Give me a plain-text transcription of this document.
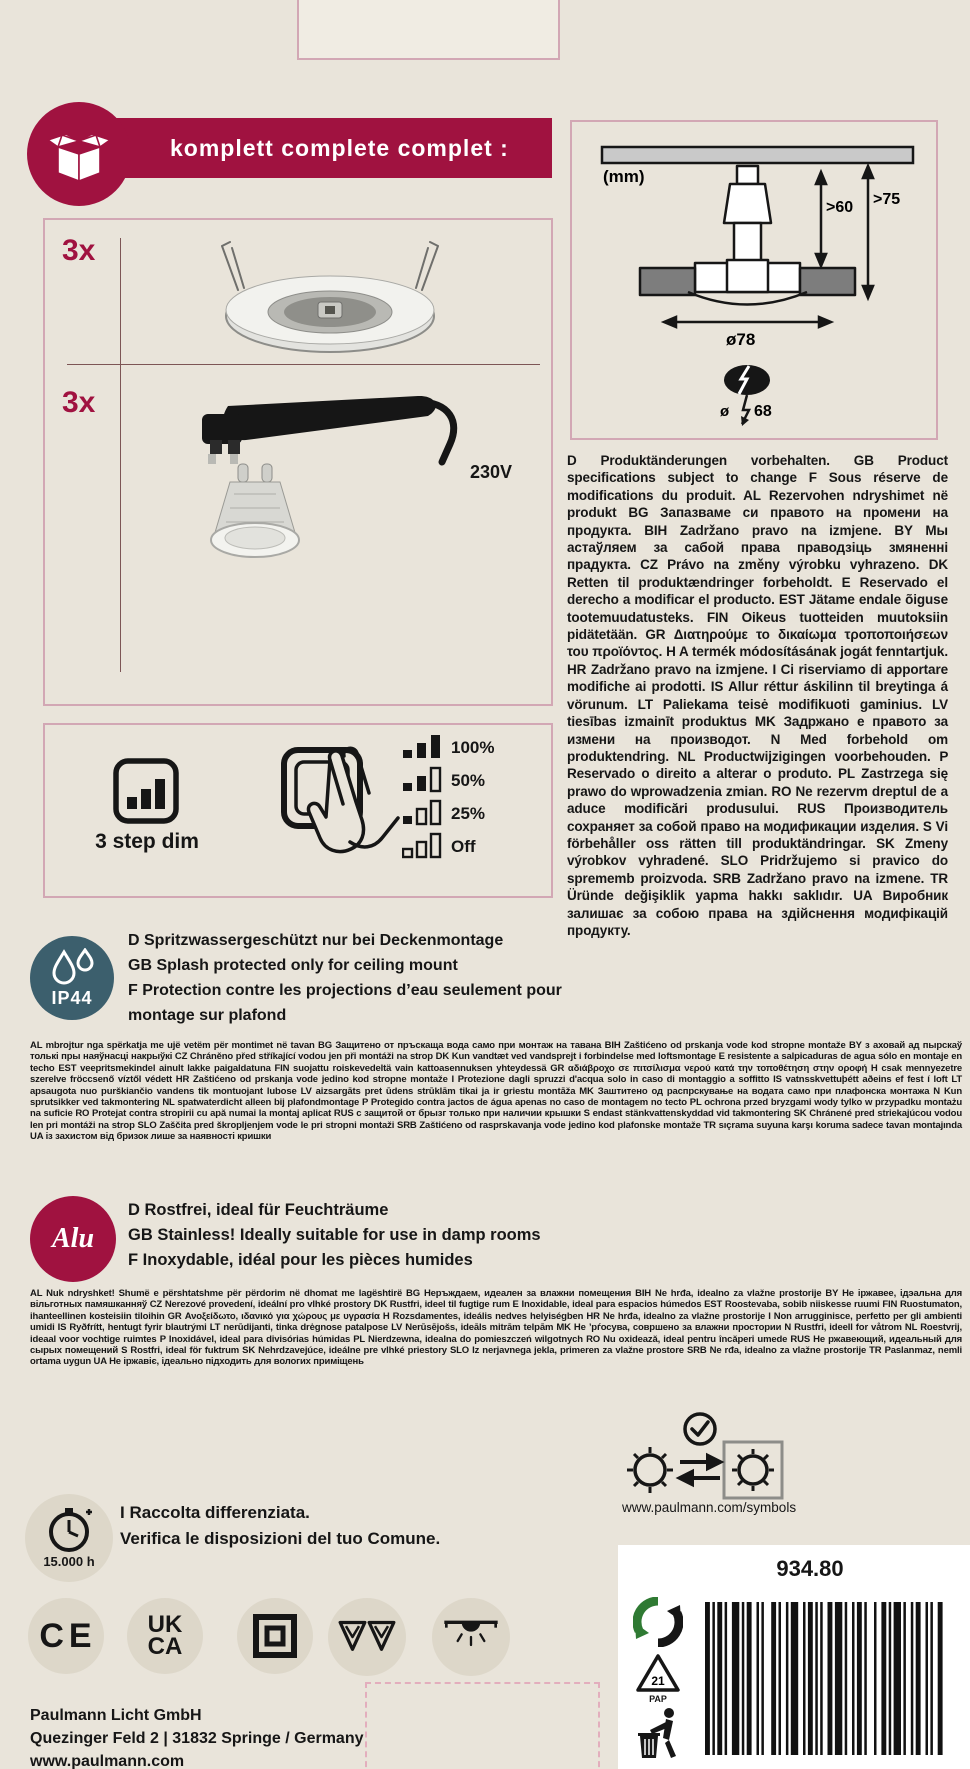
komplett complete complet :
3x
3x
230V
(mm)
>60 >75
ø78
ø 68
D Produktänderungen vorbehalten. GB Product specifications subject to change F Sous réserve de modifications du produit. AL Rezervohen ndryshimet në produkt BG Запазваме си правото на промени на продукта. BIH Zadržano pravo na izmjene. BY Мы астаўляем за сабой права праводзіць змяненні прадукта. CZ Právo na změny výrobku vyhrazeno. DK Retten til produktændringer forbeholdt. E Reservado el derecho a modificar el producto. EST Jätame endale õiguse tootemuudatusteks. FIN Oikeus tuotteiden muutoksiin pidätetään. GR Διατηρούμε το δικαίωμα τροποποιήσεων του προϊόντος. H A termék módosításának jogát fenntartjuk. HR Zadržano pravo na izmjene. I Ci riserviamo di apportare modifiche ai prodotti. IS Allur réttur áskilinn til breytinga á vörunum. LT Paliekama teisė modifikuoti gaminius. LV tiesības izmainīt produktus MK Задржано е правото за измени на производот. N Med forbehold om produktendring. NL Productwijzigingen voorbehouden. P Reservado o direito a alterar o produto. PL Zastrzega się prawo do wprowadzenia zmian. RO Ne rezervm dreptul de a aduce modificări produsului. RUS Производитель сохраняет за собой право на модификации изделия. S Vi förbehåller oss rätten till produktändringar. SK Zmeny výrobkov vyhradené. SLO Pridržujemo si pravico do sprememb proizvoda. SRB Zadržano pravo na izmene. TR Üründe değişiklik yapma hakkı saklıdır. UA Виробник залишає за собою права на здійснення модифікацій продукту.
3 step dim
100%
50%
25%
Off
IP44
D Spritzwassergeschützt nur bei Deckenmontage
GB Splash protected only for ceiling mount
F Protection contre les projections d’eau seulement pour montage sur plafond
AL mbrojtur nga spërkatja me ujë vetëm për montimet në tavan BG Защитено от пръскаща вода само при монтаж на тавана BIH Zaštićeno od prskanja vode kod stropne montaže BY з аховай ад пырскаў толькі пры наяўнасці накрыўкі CZ Chráněno před stříkající vodou jen při montáži na strop DK Kun vandtæt ved vandsprejt i forbindelse med loftsmontage E resistente a salpicaduras de agua sólo en montaje en techo EST veepritsmekindel ainult lakke paigaldatuna FIN suojattu roiskevedeltä vain kattoasennuksen yhteydessä GR αδιάβροχο σε πιτσίλισμα νερού κατά την τοποθέτηση στην οροφή H csak mennyezetre szerelve fröccsenő víztől védett HR Zaštićeno od prskanja vode jedino kod stropne montaže I Protezione dagli spruzzi d'acqua solo in caso di montaggio a soffitto IS vatnsskvettuþétt aðeins ef fest í loft LT apsaugota nuo purškiančio vandens tik montuojant lubose LV aizsargāts pret ūdens strūklām tikai ja ir griestu montāža MK Заштитено од распрскување на водата само при плафонска монтажа N Kun sprutsikker ved takmontering NL spatwaterdicht alleen bij plafondmontage P Protegido contra jactos de água apenas no caso de montagem no tecto PL ochrona przed bryzgami wody tylko w przypadku montażu na suficie RO Protejat contra stropirii cu apă numai la montaj aplicat RUS с защитой от брызг только при наличии крышки S endast stänkvattenskyddad vid takmontering SK Chránené pred striekajúcou vodou len pri montáži na strop SLO Zaščita pred škropljenjem vode le pri stropni montaži SRB Zaštićeno od rasprskavanja vode jedino kod plafonske montaže TR sıçrama suyuna karşı koruma sadece tavan montajında UA із захистом від бризок лише за наявності кришки
Alu
D Rostfrei, ideal für Feuchträume
GB Stainless! Ideally suitable for use in damp rooms
F Inoxydable, idéal pour les pièces humides
AL Nuk ndryshket! Shumë e përshtatshme për përdorim në dhomat me lagështirë BG Неръждаем, идеален за влажни помещения BIH Ne hrđa, idealno za vlažne prostorije BY Не іржавее, ідэальна для вільготных памяшканняў CZ Nerezové provedení, ideální pro vlhké prostory DK Rustfri, ideel til fugtige rum E Inoxidable, ideal para espacios húmedos EST Roostevaba, sobib niiskesse ruumi FIN Ruostumaton, ihanteellinen kosteisiin tiloihin GR Ανοξείδωτο, ιδανικό για χώρους με υγρασία H Rozsdamentes, ideális nedves helyiségben HR Ne hrđa, idealno za vlažne prostorije I Non arrugginisce, perfetto per gli ambienti umidi IS Ryðfrítt, hentugt fyrir blautrými LT nerūdijanti, tinka drėgnose patalpose LV Nerūsējošs, ideāls mitrām telpām MK Не ’рѓосува, совршено за влажни простории N Rustfri, ideell for våtrom NL Roestvrij, ideaal voor vochtige ruimtes P Inoxidável, ideal para divisórias húmidas PL Nierdzewna, idealna do pomieszczeń wilgotnych RO Nu oxidează, ideal pentru încăperi umede RUS Не ржавеющий, идеальный для сырых помещений S Rostfri, ideal för fuktrum SK Nehrdzavejúce, ideálne pre vlhké priestory SLO Iz nerjavnega jekla, primeren za vlažne prostore SRB Ne rđa, idealno za vlažne prostorije TR Paslanmaz, nemli ortama uygun UA Не іржавіє, ідеально підходить для вологих приміщень
www.paulmann.com/symbols
15.000 h
I Raccolta differenziata.
Verifica le disposizioni del tuo Comune.
CE UK
CA
Paulmann Licht GmbH
Quezinger Feld 2 | 31832 Springe / Germany
www.paulmann.com
934.80
21
PAP
